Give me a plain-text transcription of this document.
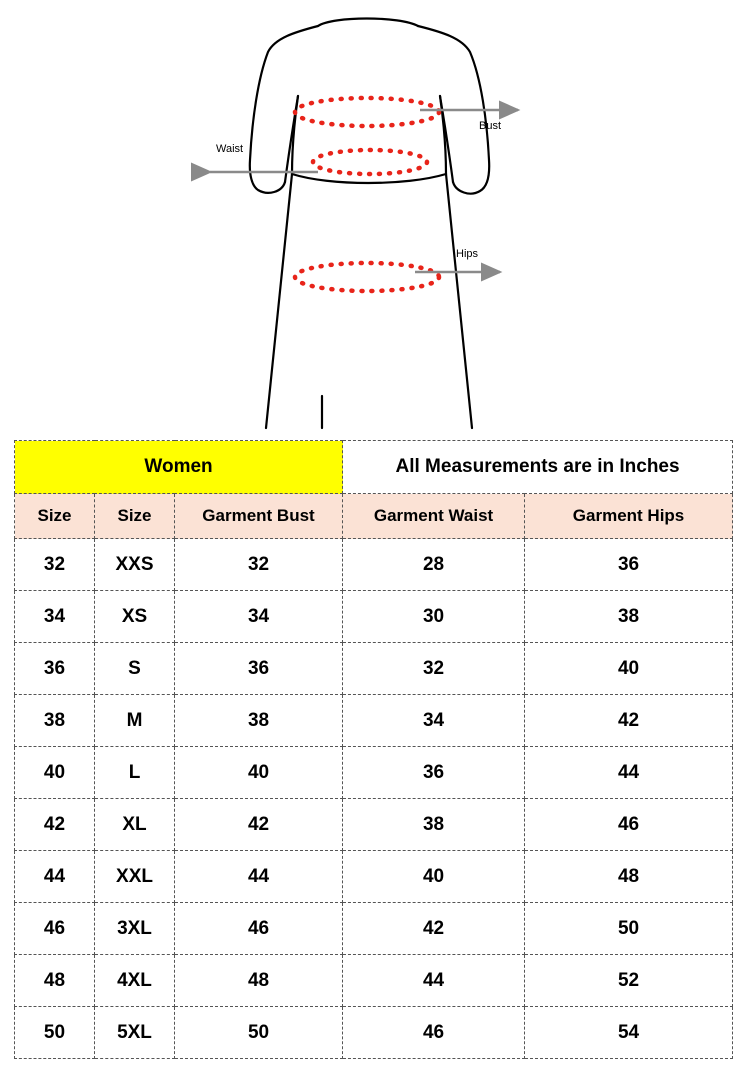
Bust
Waist
Hips
Women			All Measurements are in Inches	
Size	Size	Garment Bust	Garment Waist	Garment Hips
32	XXS	32	28	36
34	XS	34	30	38
36	S	36	32	40
38	M	38	34	42
40	L	40	36	44
42	XL	42	38	46
44	XXL	44	40	48
46	3XL	46	42	50
48	4XL	48	44	52
50	5XL	50	46	54
